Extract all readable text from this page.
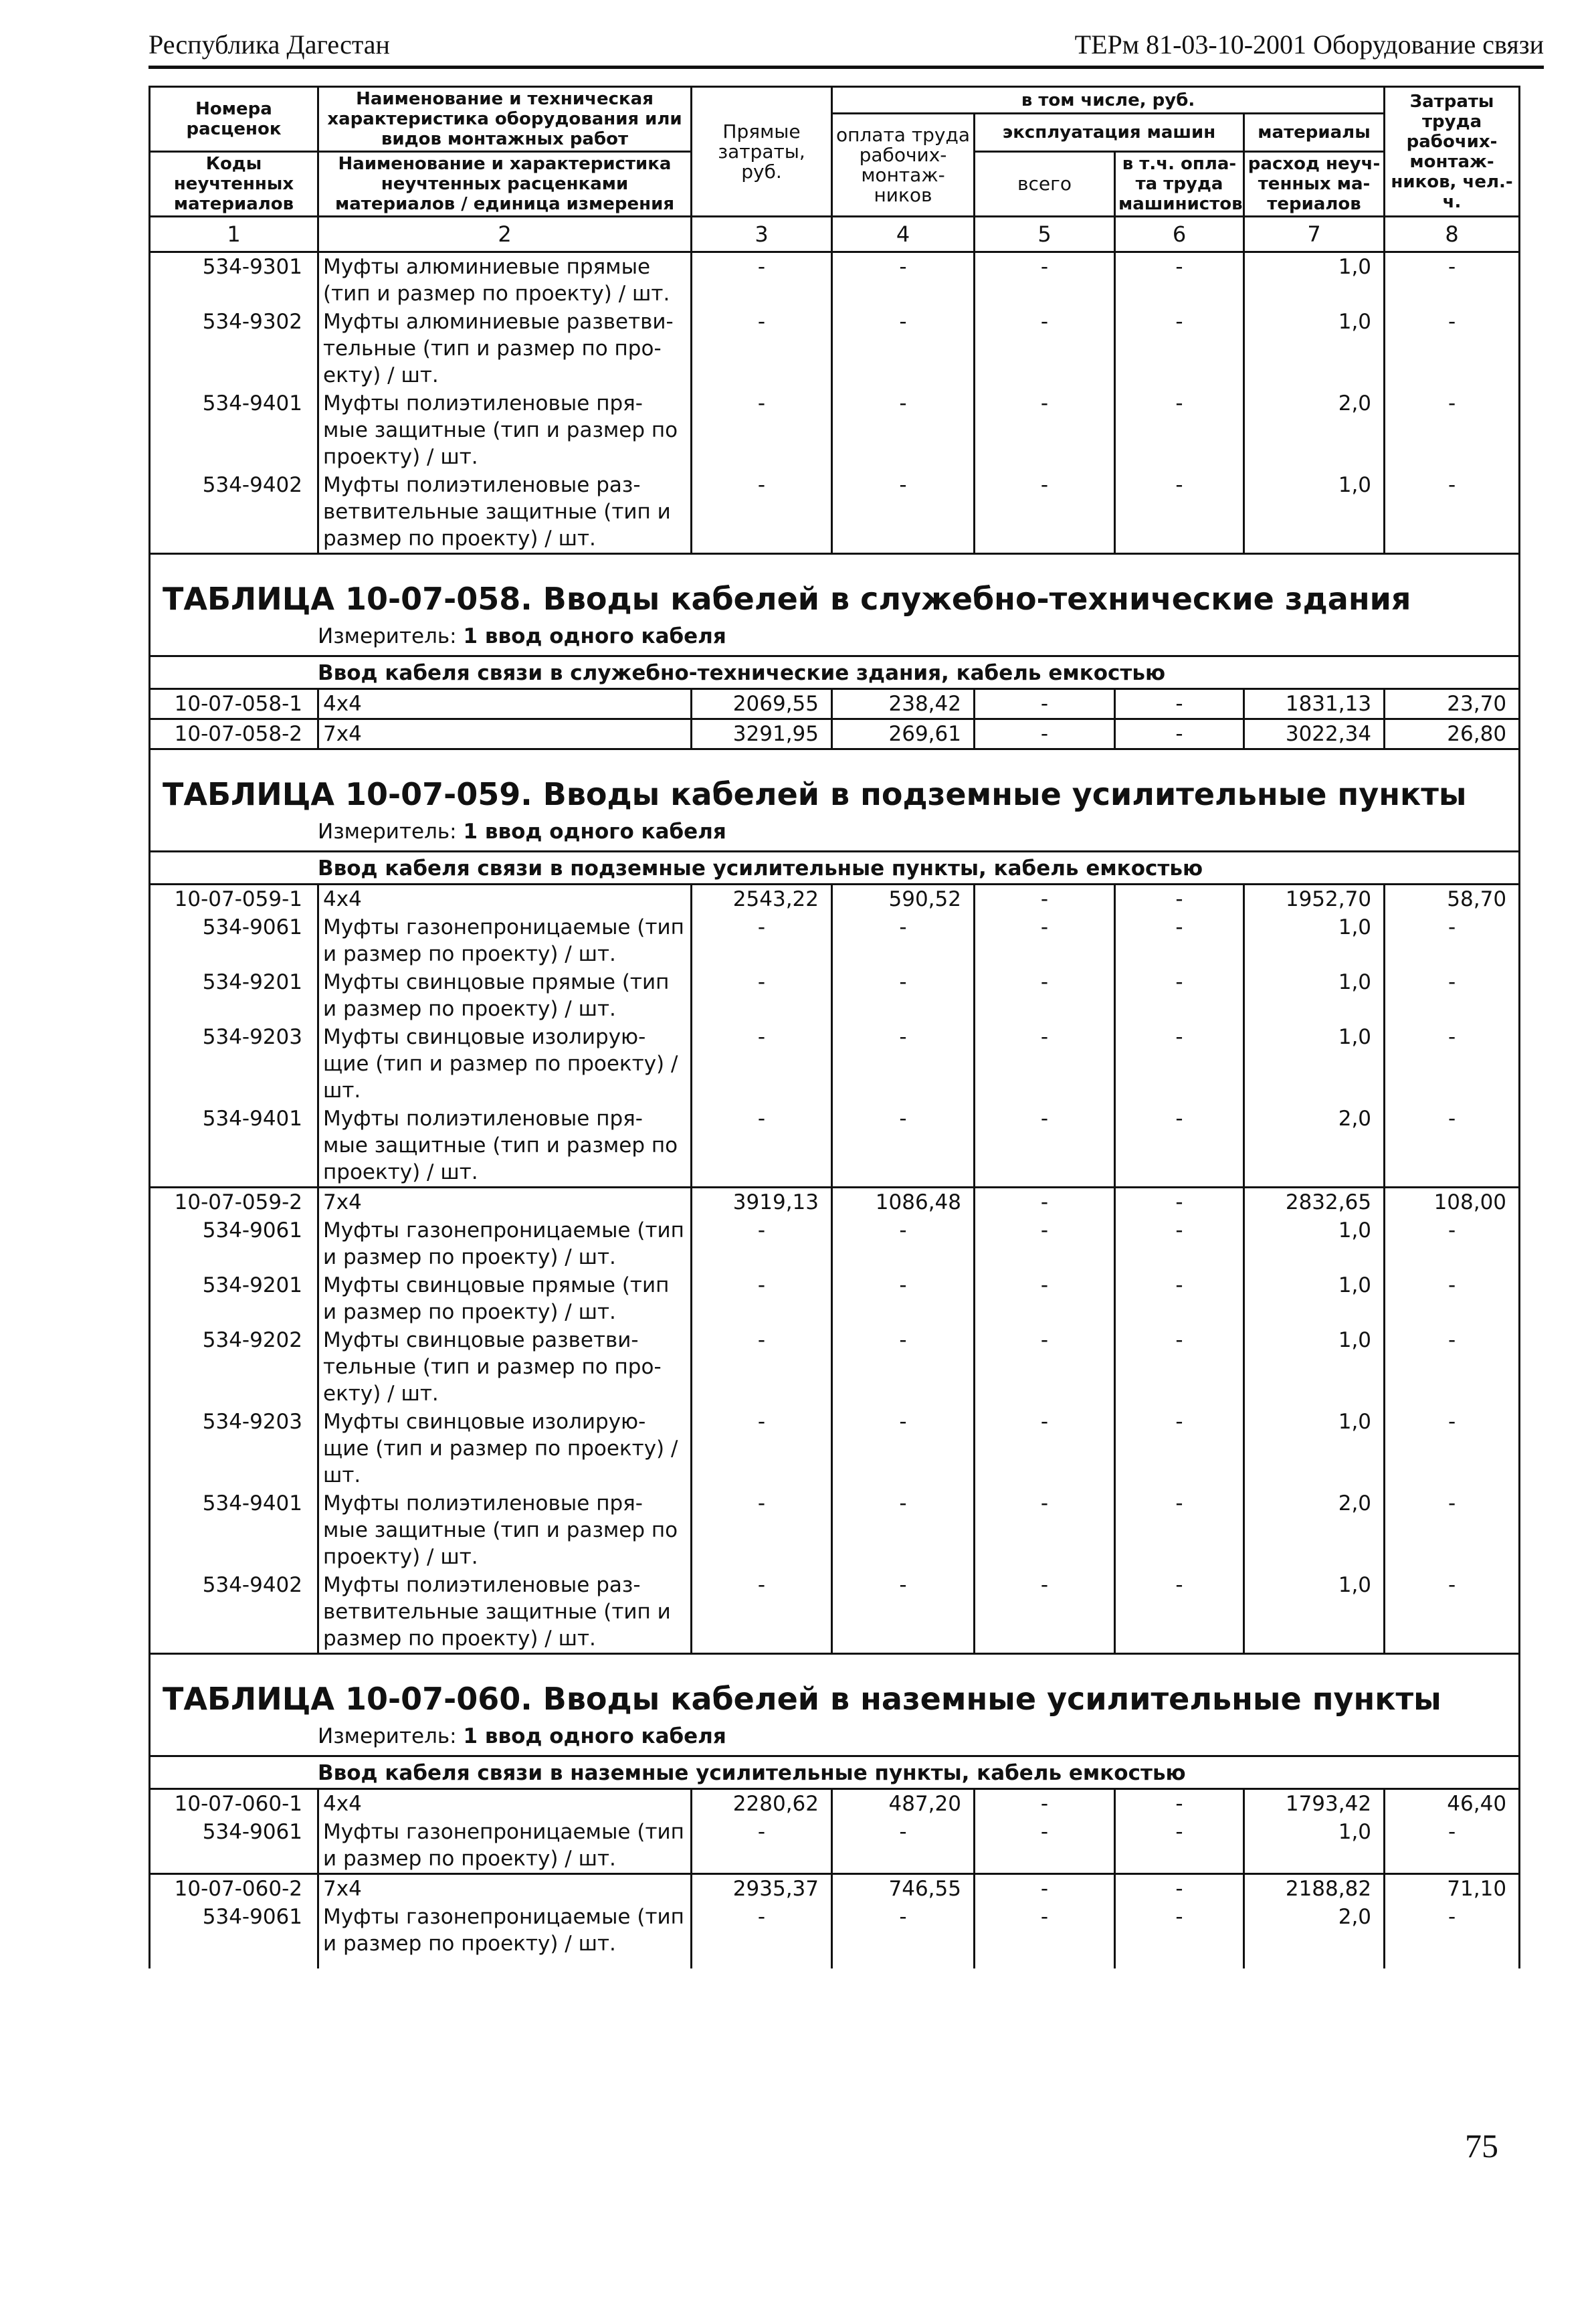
Республика Дагестан	ТЕРм 81-03-10-2001 Оборудование связи
Номера расценок	Наименование и техническая характеристика оборудования или видов монтажных работ	Прямые затраты, руб.	в том числе, руб.				Затраты труда рабочих-монтаж-ников, чел.-ч.
			оплата труда рабочих-монтаж-ников	эксплуатация машин		материалы	
Коды неучтенных материалов	Наименование и характеристика неучтенных расценками материалов / единица измерения			всего	в т.ч. опла-та труда машинистов	расход неуч-тенных ма-териалов	

1	2	3	4	5	6	7	8
534-9301	Муфты алюминиевые прямые (тип и размер по проекту) / шт.	-	-	-	-	1,0	-
534-9302	Муфты алюминиевые разветви-тельные (тип и размер по про-екту) / шт.	-	-	-	-	1,0	-
534-9401	Муфты полиэтиленовые пря-мые защитные (тип и размер по проекту) / шт.	-	-	-	-	2,0	-
534-9402	Муфты полиэтиленовые раз-ветвительные защитные (тип и размер по проекту) / шт.	-	-	-	-	1,0	-
ТАБЛИЦА 10-07-058. Вводы кабелей в служебно-технические здания							
Измеритель: 1 ввод одного кабеля							
Ввод кабеля связи в служебно-технические здания, кабель емкостью							
10-07-058-1	4х4	2069,55	238,42	-	-	1831,13	23,70
10-07-058-2	7х4	3291,95	269,61	-	-	3022,34	26,80
ТАБЛИЦА 10-07-059. Вводы кабелей в подземные усилительные пункты							
Измеритель: 1 ввод одного кабеля							
Ввод кабеля связи в подземные усилительные пункты, кабель емкостью							
10-07-059-1	4х4	2543,22	590,52	-	-	1952,70	58,70
534-9061	Муфты газонепроницаемые (тип и размер по проекту) / шт.	-	-	-	-	1,0	-
534-9201	Муфты свинцовые прямые (тип и размер по проекту) / шт.	-	-	-	-	1,0	-
534-9203	Муфты свинцовые изолирую-щие (тип и размер по проекту) / шт.	-	-	-	-	1,0	-
534-9401	Муфты полиэтиленовые пря-мые защитные (тип и размер по проекту) / шт.	-	-	-	-	2,0	-
10-07-059-2	7х4	3919,13	1086,48	-	-	2832,65	108,00
534-9061	Муфты газонепроницаемые (тип и размер по проекту) / шт.	-	-	-	-	1,0	-
534-9201	Муфты свинцовые прямые (тип и размер по проекту) / шт.	-	-	-	-	1,0	-
534-9202	Муфты свинцовые разветви-тельные (тип и размер по про-екту) / шт.	-	-	-	-	1,0	-
534-9203	Муфты свинцовые изолирую-щие (тип и размер по проекту) / шт.	-	-	-	-	1,0	-
534-9401	Муфты полиэтиленовые пря-мые защитные (тип и размер по проекту) / шт.	-	-	-	-	2,0	-
534-9402	Муфты полиэтиленовые раз-ветвительные защитные (тип и размер по проекту) / шт.	-	-	-	-	1,0	-
ТАБЛИЦА 10-07-060. Вводы кабелей в наземные усилительные пункты							
Измеритель: 1 ввод одного кабеля							
Ввод кабеля связи в наземные усилительные пункты, кабель емкостью							
10-07-060-1	4х4	2280,62	487,20	-	-	1793,42	46,40
534-9061	Муфты газонепроницаемые (тип и размер по проекту) / шт.	-	-	-	-	1,0	-
10-07-060-2	7х4	2935,37	746,55	-	-	2188,82	71,10
534-9061	Муфты газонепроницаемые (тип и размер по проекту) / шт.	-	-	-	-	2,0	-

75
